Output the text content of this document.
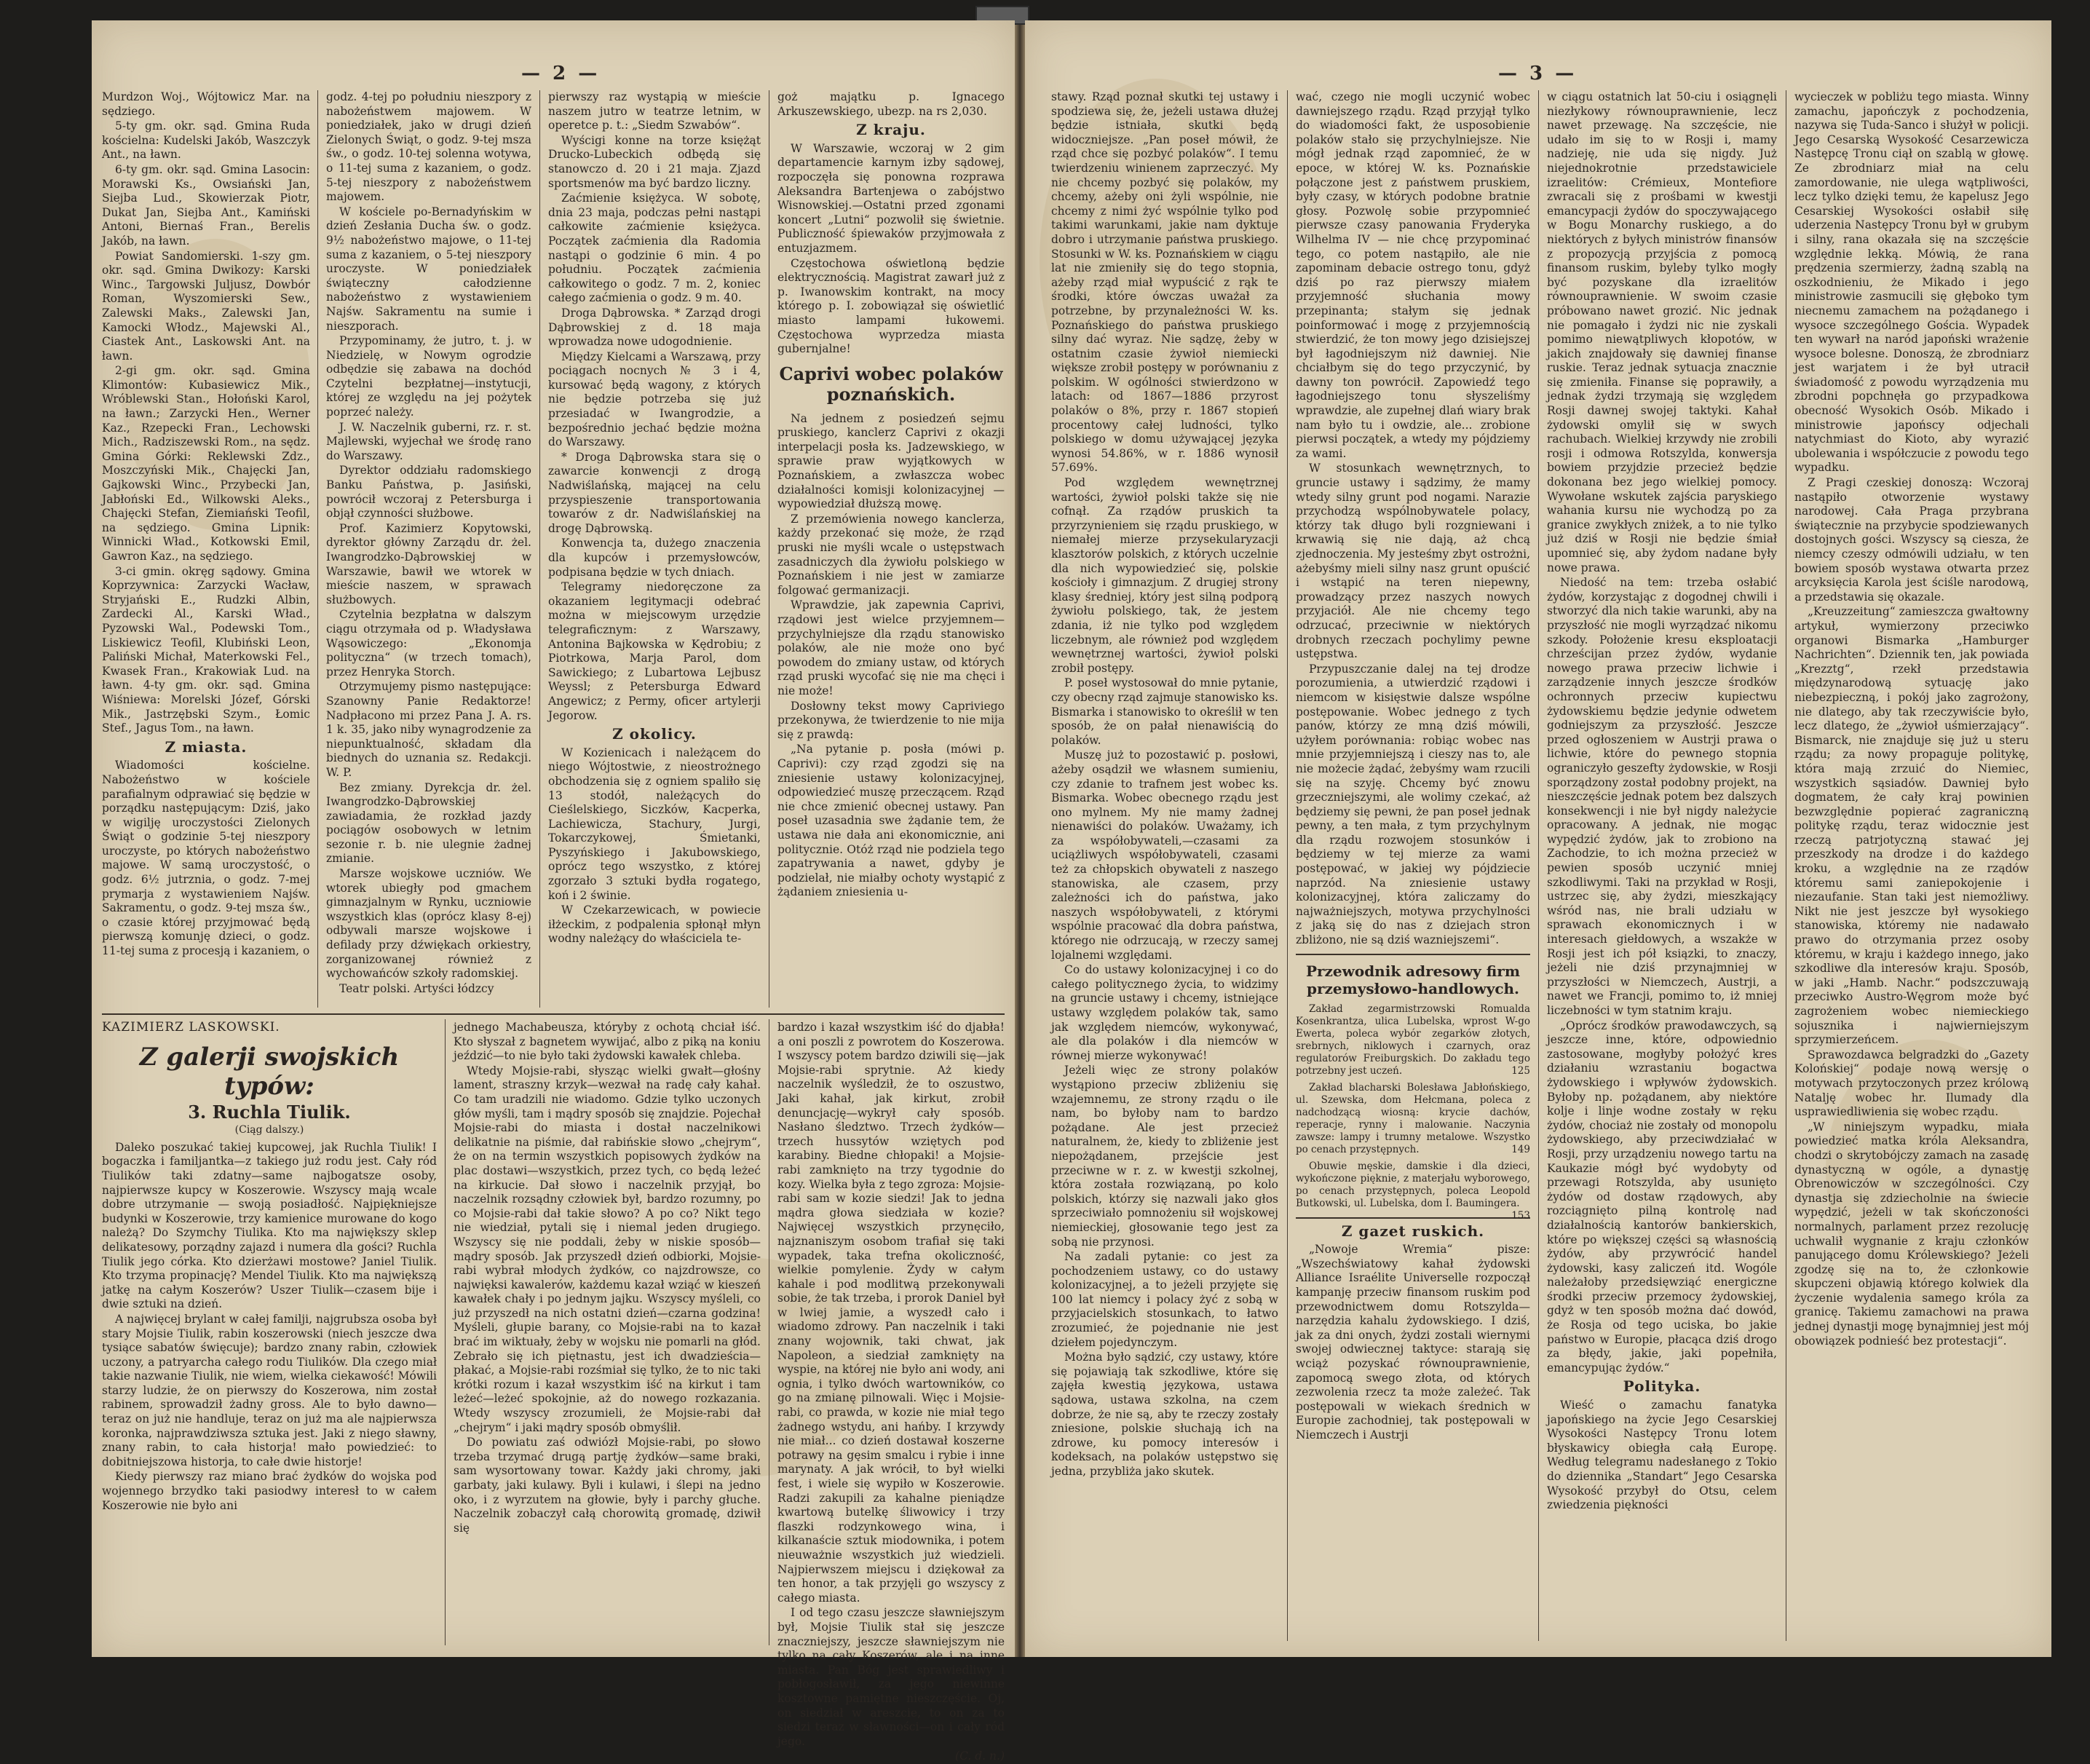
— 2 —

Murdzon Woj., Wójtowicz Mar. na sędziego.

5-ty gm. okr. sąd. Gmina Ruda kościelna: Kudelski Jakób, Waszczyk Ant., na ławn.

6-ty gm. okr. sąd. Gmina Lasocin: Morawski Ks., Owsiański Jan, Siejba Lud., Skowierzak Piotr, Dukat Jan, Siejba Ant., Kamiński Antoni, Biernaś Fran., Berelis Jakób, na ławn.

Powiat Sandomierski. 1-szy gm. okr. sąd. Gmina Dwikozy: Karski Winc., Targowski Juljusz, Dowbór Roman, Wyszomierski Sew., Zalewski Maks., Zalewski Jan, Kamocki Włodz., Majewski Al., Ciastek Ant., Laskowski Ant. na ławn.

2-gi gm. okr. sąd. Gmina Klimontów: Kubasiewicz Mik., Wróblewski Stan., Hołoński Karol, na ławn.; Zarzycki Hen., Werner Kaz., Rzepecki Fran., Lechowski Mich., Radziszewski Rom., na sędz. Gmina Górki: Reklewski Zdz., Moszczyński Mik., Chajęcki Jan, Gajkowski Winc., Przybecki Jan, Jabłoński Ed., Wilkowski Aleks., Chajęcki Stefan, Ziemiański Teofil, na sędziego. Gmina Lipnik: Winnicki Wład., Kotkowski Emil, Gawron Kaz., na sędziego.

3-ci gmin. okręg sądowy. Gmina Koprzywnica: Zarzycki Wacław, Stryjański E., Rudzki Albin, Zardecki Al., Karski Wład., Pyzowski Wal., Podewski Tom., Liskiewicz Teofil, Klubiński Leon, Paliński Michał, Materkowski Fel., Kwasek Fran., Krakowiak Lud. na ławn. 4-ty gm. okr. sąd. Gmina Wiśniewa: Morelski Józef, Górski Mik., Jastrzębski Szym., Łomic Stef., Jagus Tom., na ławn.

Z miasta.

Wiadomości kościelne. Nabożeństwo w kościele parafialnym odprawiać się będzie w porządku następującym: Dziś, jako w wigilję uroczystości Zielonych Świąt o godzinie 5-tej nieszpory uroczyste, po których nabożeństwo majowe. W samą uroczystość, o godz. 6½ jutrznia, o godz. 7-mej prymarja z wystawieniem Najśw. Sakramentu, o godz. 9-tej msza św., o czasie której przyjmować będą pierwszą komunję dzieci, o godz. 11-tej suma z procesją i kazaniem, o

godz. 4-tej po południu nieszpory z nabożeństwem majowem. W poniedziałek, jako w drugi dzień Zielonych Świąt, o godz. 9-tej msza św., o godz. 10-tej solenna wotywa, o 11-tej suma z kazaniem, o godz. 5-tej nieszpory z nabożeństwem majowem.

W kościele po-Bernadyńskim w dzień Zesłania Ducha św. o godz. 9½ nabożeństwo majowe, o 11-tej suma z kazaniem, o 5-tej nieszpory uroczyste. W poniedziałek świąteczny całodzienne nabożeństwo z wystawieniem Najśw. Sakramentu na sumie i nieszporach.

Przypominamy, że jutro, t. j. w Niedzielę, w Nowym ogrodzie odbędzie się zabawa na dochód Czytelni bezpłatnej—instytucji, której ze względu na jej pożytek poprzeć należy.

J. W. Naczelnik guberni, rz. r. st. Majlewski, wyjechał we środę rano do Warszawy.

Dyrektor oddziału radomskiego Banku Państwa, p. Jasiński, powrócił wczoraj z Petersburga i objął czynności służbowe.

Prof. Kazimierz Kopytowski, dyrektor główny Zarządu dr. żel. Iwangrodzko-Dąbrowskiej w Warszawie, bawił we wtorek w mieście naszem, w sprawach służbowych.

Czytelnia bezpłatna w dalszym ciągu otrzymała od p. Władysława Wąsowiczego: „Ekonomja polityczna“ (w trzech tomach), przez Henryka Storch.

Otrzymujemy pismo następujące: Szanowny Panie Redaktorze! Nadpłacono mi przez Pana J. A. rs. 1 k. 35, jako niby wynagrodzenie za niepunktualność, składam dla biednych do uznania sz. Redakcji. W. P.

Bez zmiany. Dyrekcja dr. żel. Iwangrodzko-Dąbrowskiej zawiadamia, że rozkład jazdy pociągów osobowych w letnim sezonie r. b. nie ulegnie żadnej zmianie.

Marsze wojskowe uczniów. We wtorek ubiegły pod gmachem gimnazjalnym w Rynku, uczniowie wszystkich klas (oprócz klasy 8-ej) odbywali marsze wojskowe i defilady przy dźwiękach orkiestry, zorganizowanej również z wychowańców szkoły radomskiej.

Teatr polski. Artyści łódzcy

pierwszy raz wystąpią w mieście naszem jutro w teatrze letnim, w operetce p. t.: „Siedm Szwabów“.

Wyścigi konne na torze księżąt Drucko-Lubeckich odbędą się stanowczo d. 20 i 21 maja. Zjazd sportsmenów ma być bardzo liczny.

Zaćmienie księżyca. W sobotę, dnia 23 maja, podczas pełni nastąpi całkowite zaćmienie księżyca. Początek zaćmienia dla Radomia nastąpi o godzinie 6 min. 4 po południu. Początek zaćmienia całkowitego o godz. 7 m. 2, koniec całego zaćmienia o godz. 9 m. 40.

Droga Dąbrowska. * Zarząd drogi Dąbrowskiej z d. 18 maja wprowadza nowe udogodnienie.

Między Kielcami a Warszawą, przy pociągach nocnych № 3 i 4, kursować będą wagony, z których nie będzie potrzeba się już przesiadać w Iwangrodzie, a bezpośrednio jechać będzie można do Warszawy.

* Droga Dąbrowska stara się o zawarcie konwencji z drogą Nadwiślańską, mającej na celu przyspieszenie transportowania towarów z dr. Nadwiślańskiej na drogę Dąbrowską.

Konwencja ta, dużego znaczenia dla kupców i przemysłowców, podpisana będzie w tych dniach.

Telegramy niedoręczone za okazaniem legitymacji odebrać można w miejscowym urzędzie telegraficznym: z Warszawy, Antonina Bajkowska w Kędrobiu; z Piotrkowa, Marja Parol, dom Sawickiego; z Lubartowa Lejbusz Weyssl; z Petersburga Edward Angewicz; z Permy, oficer artylerji Jegorow.

Z okolicy.

W Kozienicach i należącem do niego Wójtostwie, z nieostrożnego obchodzenia się z ogniem spaliło się 13 stodół, należących do Cieślelskiego, Siczków, Kacperka, Lachiewicza, Stachury, Jurgi, Tokarczykowej, Śmietanki, Pyszyńskiego i Jakubowskiego, oprócz tego wszystko, z której zgorzało 3 sztuki bydła rogatego, koń i 2 świnie.

W Czekarzewicach, w powiecie iłżeckim, z podpalenia spłonął młyn wodny należący do właściciela te-

goż majątku p. Ignacego Arkuszewskiego, ubezp. na rs 2,030.

Z kraju.

W Warszawie, wczoraj w 2 gim departamencie karnym izby sądowej, rozpoczęła się ponowna rozprawa Aleksandra Bartenjewa o zabójstwo Wisnowskiej.—Ostatni przed zgonami koncert „Lutni“ pozwolił się świetnie. Publiczność śpiewaków przyjmowała z entuzjazmem.

Częstochowa oświetloną będzie elektrycznością. Magistrat zawarł już z p. Iwanowskim kontrakt, na mocy którego p. I. zobowiązał się oświetlić miasto lampami łukowemi. Częstochowa wyprzedza miasta gubernjalne!

Caprivi wobec polaków poznańskich.

Na jednem z posiedzeń sejmu pruskiego, kanclerz Caprivi z okazji interpelacji posła ks. Jadzewskiego, w sprawie praw wyjątkowych w Poznańskiem, a zwłaszcza wobec działalności komisji kolonizacyjnej — wypowiedział dłuższą mowę.

Z przemówienia nowego kanclerza, każdy przekonać się może, że rząd pruski nie myśli wcale o ustępstwach zasadniczych dla żywiołu polskiego w Poznańskiem i nie jest w zamiarze folgować germanizacji.

Wprawdzie, jak zapewnia Caprivi, rządowi jest wielce przyjemnem—przychylniejsze dla rządu stanowisko polaków, ale nie może ono być powodem do zmiany ustaw, od których rząd pruski wycofać się nie ma chęci i nie może!

Dosłowny tekst mowy Capriviego przekonywa, że twierdzenie to nie mija się z prawdą:

„Na pytanie p. posła (mówi p. Caprivi): czy rząd zgodzi się na zniesienie ustawy kolonizacyjnej, odpowiedzieć muszę przeczącem. Rząd nie chce zmienić obecnej ustawy. Pan poseł uzasadnia swe żądanie tem, że ustawa nie dała ani ekonomicznie, ani politycznie. Otóż rząd nie podziela tego zapatrywania a nawet, gdyby je podzielał, nie miałby ochoty wystąpić z żądaniem zniesienia u-

KAZIMIERZ LASKOWSKI.

Z galerji swojskich typów:
3. Ruchla Tiulik.

(Ciąg dalszy.)

Daleko poszukać takiej kupcowej, jak Ruchla Tiulik! I bogaczka i familjantka—z takiego już rodu jest. Cały ród Tiulików taki zdatny—same najbogatsze osoby, najpierwsze kupcy w Koszerowie. Wszyscy mają wcale dobre utrzymanie — swoją posiadłość. Najpiękniejsze budynki w Koszerowie, trzy kamienice murowane do kogo należą? Do Szymchy Tiulika. Kto ma największy sklep delikatesowy, porządny zajazd i numera dla gości? Ruchla Tiulik jego córka. Kto dzierżawi mostowe? Janiel Tiulik. Kto trzyma propinację? Mendel Tiulik. Kto ma największą jatkę na całym Koszerów? Uszer Tiulik—czasem bije i dwie sztuki na dzień.

A najwięcej brylant w całej familji, najgrubsza osoba był stary Mojsie Tiulik, rabin koszerowski (niech jeszcze dwa tysiące sabatów święcuje); bardzo znany rabin, człowiek uczony, a patryarcha całego rodu Tiulików. Dla czego miał takie nazwanie Tiulik, nie wiem, wielka ciekawość! Mówili starzy ludzie, że on pierwszy do Koszerowa, nim został rabinem, sprowadził żadny gross. Ale to było dawno—teraz on już nie handluje, teraz on już ma ale najpierwsza koronka, najprawdziwsza sztuka jest. Jaki z niego sławny, znany rabin, to cała historja! mało powiedzieć: to dobitniejszowa historja, to całe dwie historje!

Kiedy pierwszy raz miano brać żydków do wojska pod wojennego brzydko taki pasiodwy interesł to w całem Koszerowie nie było ani

jednego Machabeusza, któryby z ochotą chciał iść. Kto słyszał z bagnetem wywijać, albo z piką na koniu jeździć—to nie było taki żydowski kawałek chleba.

Wtedy Mojsie-rabi, słysząc wielki gwałt—głośny lament, straszny krzyk—wezwał na radę cały kahał. Co tam uradzili nie wiadomo. Gdzie tylko uczonych głów myśli, tam i mądry sposób się znajdzie. Pojechał Mojsie-rabi do miasta i dostał naczelnikowi delikatnie na piśmie, dał rabińskie słowo „chejrym“, że on na termin wszystkich popisowych żydków na plac dostawi—wszystkich, przez tych, co będą leżeć na kirkucie. Dał słowo i naczelnik przyjął, bo naczelnik rozsądny człowiek był, bardzo rozumny, po co Mojsie-rabi dał takie słowo? A po co? Nikt tego nie wiedział, pytali się i niemal jeden drugiego. Wszyscy się nie poddali, żeby w niskie sposób—mądry sposób. Jak przyszedł dzień odbiorki, Mojsie-rabi wybrał młodych żydków, co najzdrowsze, co najwięksi kawalerów, każdemu kazał wziąć w kieszeń kawałek chały i po jednym jajku. Wszyscy myśleli, co już przyszedł na nich ostatni dzień—czarna godzina! Myśleli, głupie barany, co Mojsie-rabi na to kazał brać im wiktuały, żeby w wojsku nie pomarli na głód. Zebrało się ich piętnastu, jest ich dwadzieścia—płakać, a Mojsie-rabi rozśmiał się tylko, że to nic taki krótki rozum i kazał wszystkim iść na kirkut i tam leżeć—leżeć spokojnie, aż do nowego rozkazania. Wtedy wszyscy zrozumieli, że Mojsie-rabi dał „chejrym“ i jaki mądry sposób obmyślił.

Do powiatu zaś odwiózł Mojsie-rabi, po słowo trzeba trzymać drugą partję żydków—same braki, sam wysortowany towar. Każdy jaki chromy, jaki garbaty, jaki kulawy. Byli i kulawi, i ślepi na jedno oko, i z wyrzutem na głowie, były i parchy głuche. Naczelnik zobaczył całą chorowitą gromadę, dziwił się

bardzo i kazał wszystkim iść do djabła! a oni poszli z powrotem do Koszerowa. I wszyscy potem bardzo dziwili się—jak Mojsie-rabi sprytnie. Aż kiedy naczelnik wyśledził, że to oszustwo, Jaki kahał, jak kirkut, zrobił denuncjację—wykrył cały sposób. Nasłano śledztwo. Trzech żydków—trzech hussytów wziętych pod karabiny. Biedne chłopaki! a Mojsie-rabi zamknięto na trzy tygodnie do kozy. Wielka była z tego zgroza: Mojsie-rabi sam w kozie siedzi! Jak to jedna mądra głowa siedziała w kozie? Najwięcej wszystkich przynęciło, najznaniszym osobom trafiał się taki wypadek, taka trefna okoliczność, wielkie pomylenie. Żydy w całym kahale i pod modlitwą przekonywali sobie, że tak trzeba, i prorok Daniel był w lwiej jamie, a wyszedł cało i wiadomo zdrowy. Pan naczelnik i taki znany wojownik, taki chwat, jak Napoleon, a siedział zamknięty na wyspie, na której nie było ani wody, ani ognia, i tylko dwóch wartowników, co go na zmianę pilnowali. Więc i Mojsie-rabi, co prawda, w kozie nie miał tego żadnego wstydu, ani hańby. I krzywdy nie miał... co dzień dostawał koszerne potrawy na gęsim smalcu i rybie i inne marynaty. A jak wrócił, to był wielki fest, i wiele się wypiło w Koszerowie. Radzi zakupili za kahalne pieniądze kwartową butelkę śliwowicy i trzy flaszki rodzynkowego wina, i kilkanaście sztuk miodownika, i potem nieuważnie wszystkich już wiedzieli. Najpierwszem miejscu i dziękował za ten honor, a tak przyjęli go wszyscy z całego miasta.

I od tego czasu jeszcze sławniejszym był, Mojsie Tiulik stał się jeszcze znaczniejszy, jeszcze sławniejszym nie tylko na cały Koszerów, ale i na inne miasta. Pan Bóg jest sprawiedliwy i pobłogosławił, za jego niewinne kosztowne pamiętne nieszczęście. Oj, on siedział w areszcie, to on za to siedzi teraz w sławności—on i cały ród jego.

(C. d. n.)

— 3 —

stawy. Rząd poznał skutki tej ustawy i spodziewa się, że, jeżeli ustawa dłużej będzie istniała, skutki będą widoczniejsze. „Pan poseł mówił, że rząd chce się pozbyć polaków“. I temu twierdzeniu winienem zaprzeczyć. My nie chcemy pozbyć się polaków, my chcemy, ażeby oni żyli wspólnie, nie chcemy z nimi żyć wspólnie tylko pod takimi warunkami, jakie nam dyktuje dobro i utrzymanie państwa pruskiego. Stosunki w W. ks. Poznańskiem w ciągu lat nie zmieniły się do tego stopnia, ażeby rząd miał wypuścić z rąk te środki, które ówczas uważał za potrzebne, by przynależności W. ks. Poznańskiego do państwa pruskiego silny dać wyraz. Nie sądzę, żeby w ostatnim czasie żywioł niemiecki większe zrobił postępy w porównaniu z polskim. W ogólności stwierdzono w latach: od 1867—1886 przyrost polaków o 8%, przy r. 1867 stopień procentowy całej ludności, tylko polskiego w domu używającej języka wynosi 54.86%, w r. 1886 wynosił 57.69%.

Pod względem wewnętrznej wartości, żywioł polski także się nie cofnął. Za rządów pruskich ta przyrzynieniem się rządu pruskiego, w niemałej mierze przysekularyzacji klasztorów polskich, z których uczelnie dla nich wypowiedzieć się, polskie kościoły i gimnazjum. Z drugiej strony klasy średniej, który jest silną podporą żywiołu polskiego, tak, że jestem zdania, iż nie tylko pod względem liczebnym, ale również pod względem wewnętrznej wartości, żywioł polski zrobił postępy.

P. poseł wystosował do mnie pytanie, czy obecny rząd zajmuje stanowisko ks. Bismarka i stanowisko to określił w ten sposób, że on pałał nienawiścią do polaków.

Muszę już to pozostawić p. posłowi, ażeby osądził we własnem sumieniu, czy zdanie to trafnem jest wobec ks. Bismarka. Wobec obecnego rządu jest ono mylnem. My nie mamy żadnej nienawiści do polaków. Uważamy, ich za współobywateli,—czasami za uciążliwych współobywateli, czasami też za chłopskich obywateli z naszego stanowiska, ale czasem, przy zależności ich do państwa, jako naszych współobywateli, z którymi wspólnie pracować dla dobra państwa, którego nie odrzucają, w rzeczy samej lojalnemi względami.

Co do ustawy kolonizacyjnej i co do całego politycznego życia, to widzimy na gruncie ustawy i chcemy, istniejące ustawy względem polaków tak, samo jak względem niemców, wykonywać, ale dla polaków i dla niemców w równej mierze wykonywać!

Jeżeli więc ze strony polaków wystąpiono przeciw zbliżeniu się wzajemnemu, ze strony rządu o ile nam, bo byłoby nam to bardzo pożądane. Ale jest przecież naturalnem, że, kiedy to zbliżenie jest niepożądanem, przejście jest przeciwne w r. z. w kwestji szkolnej, która została rozwiązaną, po kolo polskich, którzy się nazwali jako głos sprzeciwiało pomnożeniu sił wojskowej niemieckiej, głosowanie tego jest za sobą nie przynosi.

Na zadali pytanie: co jest za pochodzeniem ustawy, co do ustawy kolonizacyjnej, a to jeżeli przyjęte się 100 lat niemcy i polacy żyć z sobą w przyjacielskich stosunkach, to łatwo zrozumieć, że pojednanie nie jest dziełem pojedynczym.

Można było sądzić, czy ustawy, które się pojawiają tak szkodliwe, które się zajęła kwestią językowa, ustawa sądowa, ustawa szkolna, na czem dobrze, że nie są, aby te rzeczy zostały zniesione, polskie słuchają ich na zdrowe, ku pomocy interesów i kodeksach, na polaków ustępstwo się jedna, przybliża jako skutek.

wać, czego nie mogli uczynić wobec dawniejszego rządu. Rząd przyjął tylko do wiadomości fakt, że usposobienie polaków stało się przychylniejsze. Nie mógł jednak rząd zapomnieć, że w epoce, w której W. ks. Poznańskie połączone jest z państwem pruskiem, były czasy, w których podobne bratnie głosy. Pozwolę sobie przypomnieć pierwsze czasy panowania Fryderyka Wilhelma IV — nie chcę przypominać tego, co potem nastąpiło, ale nie zapominam debacie ostrego tonu, gdyż dziś po raz pierwszy miałem przyjemność słuchania mowy przepinanta; stałym się jednak poinformować i mogę z przyjemnością stwierdzić, że ton mowy jego dzisiejszej był łagodniejszym niż dawniej. Nie chciałbym się do tego przyczynić, by dawny ton powrócił. Zapowiedź tego łagodniejszego tonu słyszeliśmy wprawdzie, ale zupełnej dlań wiary brak nam było tu i owdzie, ale... zrobione pierwsi początek, a wtedy my pójdziemy za wami.

W stosunkach wewnętrznych, to gruncie ustawy i sądzimy, że mamy wtedy silny grunt pod nogami. Narazie przychodzą wspólnobywatele polacy, którzy tak długo byli rozgniewani i krwawią się nie dają, aż chcą zjednoczenia. My jesteśmy zbyt ostrożni, ażebyśmy mieli silny nasz grunt opuścić i wstąpić na teren niepewny, prowadzący przez naszych nowych przyjaciół. Ale nie chcemy tego odrzucać, przeciwnie w niektórych drobnych rzeczach pochylimy pewne ustępstwa.

Przypuszczanie dalej na tej drodze porozumienia, a utwierdzić rządowi i niemcom w kisięstwie dalsze wspólne postępowanie. Wobec jednego z tych panów, którzy ze mną dziś mówili, użyłem porównania: robiąc wobec nas mnie przyjemniejszą i cieszy nas to, ale nie możecie żądać, żebyśmy wam rzucili się na szyję. Chcemy być znowu grzeczniejszymi, ale wolimy czekać, aż będziemy się pewni, że pan poseł jednak pewny, a ten mała, z tym przychylnym dla rządu rozwojem stosunków i będziemy w tej mierze za wami postępować, w jakiej wy pójdziecie naprzód. Na zniesienie ustawy kolonizacyjnej, która zaliczamy do najważniejszych, motywa przychylności z jaką się do nas z dziejach stron zbliżono, nie są dziś wazniejszemi“.

Przewodnik adresowy firm przemysłowo-handlowych.

Zakład zegarmistrzowski Romualda Kosenkrantza, ulica Lubelska, wprost W-go Ewerta, poleca wybór zegarków złotych, srebrnych, niklowych i czarnych, oraz regulatorów Freiburgskich. Do zakładu tego potrzebny jest uczeń.	125

Zakład blacharski Bolesława Jabłońskiego, ul. Szewska, dom Hełcmana, poleca z nadchodzącą wiosną: krycie dachów, reperacje, rynny i malowanie. Naczynia zawsze: lampy i trumny metalowe. Wszystko po cenach przystępnych.	149

Obuwie męskie, damskie i dla dzieci, wykończone pięknie, z materjału wyborowego, po cenach przystępnych, poleca Leopold Butkowski, ul. Lubelska, dom I. Baumingera.
153

Z gazet ruskich.

„Nowoje Wremia“ pisze: „Wszechświatowy kahał żydowski Alliance Israélite Universelle rozpoczął kampanję przeciw finansom ruskim pod przewodnictwem domu Rotszylda—narzędzia kahalu żydowskiego. I dziś, jak za dni onych, żydzi zostali wiernymi swojej odwiecznej taktyce: starają się wciąż pozyskać równouprawnienie, zapomocą swego złota, od których zezwolenia rzecz ta może zależeć. Tak postępowali w wiekach średnich w Europie zachodniej, tak postępowali w Niemczech i Austrji

w ciągu ostatnich lat 50-ciu i osiągnęli niezłykowy równouprawnienie, lecz nawet przewagę. Na szczęście, nie udało im się to w Rosji i, mamy nadzieję, nie uda się nigdy. Już niejednokrotnie przedstawiciele izraelitów: Crémieux, Montefiore zwracali się z prośbami w kwestji emancypacji żydów do spoczywającego w Bogu Monarchy ruskiego, a do niektórych z byłych ministrów finansów z propozycją przyjścia z pomocą finansom ruskim, byleby tylko mogły być pozyskane dla izraelitów równouprawnienie. W swoim czasie próbowano nawet grozić. Nic jednak nie pomagało i żydzi nic nie zyskali pomimo niewątpliwych kłopotów, w jakich znajdowały się dawniej finanse ruskie. Teraz jednak sytuacja znacznie się zmieniła. Finanse się poprawiły, a jednak żydzi trzymają się względem Rosji dawnej swojej taktyki. Kahał żydowski omylił się w swych rachubach. Wielkiej krzywdy nie zrobili rosji i odmowa Rotszylda, konwersja bowiem przyjdzie przecież będzie dokonana bez jego wielkiej pomocy. Wywołane wskutek zajścia paryskiego wahania kursu nie wychodzą po za granice zwykłych zniżek, a to nie tylko już dziś w Rosji nie będzie śmiał upomnieć się, aby żydom nadane były nowe prawa.

Niedość na tem: trzeba osłabić żydów, korzystając z dogodnej chwili i stworzyć dla nich takie warunki, aby na przyszłość nie mogli wyrządzać nikomu szkody. Położenie kresu eksploatacji chrześcijan przez żydów, wydanie nowego prawa przeciw lichwie i zarządzenie innych jeszcze środków ochronnych przeciw kupiectwu żydowskiemu będzie jedynie odwetem godniejszym za przyszłość. Jeszcze przed ogłoszeniem w Austrji prawa o lichwie, które do pewnego stopnia ograniczyło geszefty żydowskie, w Rosji sporządzony został podobny projekt, na nieszczęście jednak potem bez dalszych konsekwencji i nie był nigdy należycie opracowany. A jednak, nie mogąc wypędzić żydów, jak to zrobiono na Zachodzie, to ich można przecież w pewien sposób uczynić mniej szkodliwymi. Taki na przykład w Rosji, ustrzec się, aby żydzi, mieszkający wśród nas, nie brali udziału w sprawach ekonomicznych i w interesach giełdowych, a wszakże w Rosji jest ich pół ksiązki, to znaczy, jeżeli nie dziś przynajmniej w przyszłości w Niemczech, Austrji, a nawet we Francji, pomimo to, iż mniej liczebności w tym statnim kraju.

„Oprócz środków prawodawczych, są jeszcze inne, które, odpowiednio zastosowane, mogłyby położyć kres działaniu wzrastaniu bogactwa żydowskiego i wpływów żydowskich. Byłoby np. pożądanem, aby niektóre kolje i linje wodne zostały w ręku żydów, chociaż nie zostały od monopolu żydowskiego, aby przeciwdziałać w Rosji, przy urządzeniu nowego tartu na Kaukazie mógł być wydobyty od przewagi Rotszylda, aby usunięto żydów od dostaw rządowych, aby rozciągnięto pilną kontrolę nad działalnością kantorów bankierskich, które po większej części są własnością żydów, aby przywrócić handel żydowski, kasy zaliczeń itd. Wogóle należałoby przedsięwziąć energiczne środki przeciw przemocy żydowskiej, gdyż w ten sposób można dać dowód, że Rosja od tego uciska, bo jakie państwo w Europie, płacąca dziś drogo za błędy, jakie, jaki popełniła, emancypując żydów.“

Polityka.

Wieść o zamachu fanatyka japońskiego na życie Jego Cesarskiej Wysokości Następcy Tronu lotem błyskawicy obiegła całą Europę. Według telegramu nadesłanego z Tokio do dziennika „Standart“ Jego Cesarska Wysokość przybył do Otsu, celem zwiedzenia piękności

wycieczek w pobliżu tego miasta. Winny zamachu, japończyk z pochodzenia, nazywa się Tuda-Sanco i służył w policji. Jego Cesarską Wysokość Cesarzewicza Następcę Tronu ciął on szablą w głowę. Ze zbrodniarz miał na celu zamordowanie, nie ulega wątpliwości, lecz tylko dzięki temu, że kapelusz Jego Cesarskiej Wysokości osłabił siłę uderzenia Następcy Tronu był w grubym i silny, rana okazała się na szczęście względnie lekką. Mówią, że rana prędzenia szermierzy, żadną szablą na oszkodnieniu, że Mikado i jego ministrowie zasmucili się głęboko tym niecnemu zamachem na pożądanego i wysoce szczególnego Gościa. Wypadek ten wywarł na naród japoński wrażenie wysoce bolesne. Donoszą, że zbrodniarz jest warjatem i że był utracił świadomość z powodu wyrządzenia mu zbrodni popchnęła go przypadkowa obecność Wysokich Osób. Mikado i ministrowie japońscy odjechali natychmiast do Kioto, aby wyrazić ubolewania i współczucie z powodu tego wypadku.

Z Pragi czeskiej donoszą: Wczoraj nastąpiło otworzenie wystawy narodowej. Cała Praga przybrana świątecznie na przybycie spodziewanych dostojnych gości. Wszyscy są ciesza, że niemcy czeszy odmówili udziału, w ten bowiem sposób wystawa otwarta przez arcyksięcia Karola jest ściśle narodową, a przedstawia się okazale.

„Kreuzzeitung“ zamieszcza gwałtowny artykuł, wymierzony przeciwko organowi Bismarka „Hamburger Nachrichten“. Dziennik ten, jak powiada „Krezztg“, rzekł przedstawia międzynarodową sytuację jako niebezpieczną, i pokój jako zagrożony, nie dlatego, aby tak rzeczywiście było, lecz dlatego, że „żywioł uśmierzający“. Bismarck, nie znajduje się już u steru rządu; za nowy propaguje politykę, która mają zrzuić do Niemiec, wszystkich sąsiadów. Dawniej było dogmatem, że cały kraj powinien bezwzględnie popierać zagraniczną politykę rządu, teraz widocznie jest rzeczą patrjotyczną stawać jej przeszkody na drodze i do każdego kroku, a względnie na ze rządów któremu sami zaniepokojenie i niezaufanie. Stan taki jest niemożliwy. Nikt nie jest jeszcze był wysokiego stanowiska, któremy nie nadawało prawo do otrzymania przez osoby któremu, w kraju i każdego innego, jako szkodliwe dla interesów kraju. Sposób, w jaki „Hamb. Nachr.“ podszczuwają przeciwko Austro-Węgrom może być zagrożeniem wobec niemieckiego sojusznika i najwierniejszym sprzymierzeńcem.

Sprawozdawca belgradzki do „Gazety Kolońskiej“ podaje nową wersję o motywach przytoczonych przez królową Natalję wobec hr. Ilumady dla usprawiedliwienia się wobec rządu.

„W niniejszym wypadku, miała powiedzieć matka króla Aleksandra, chodzi o skrytobójczy zamach na zasadę dynastyczną w ogóle, a dynastję Obrenowiczów w szczególności. Czy dynastja się zdziecholnie na świecie wypędzić, jeżeli w tak skończoności normalnych, parlament przez rezolucję uchwalił wygnanie z kraju członków panującego domu Królewskiego? Jeżeli zgodzę się na to, że członkowie skupczeni objawią którego kolwiek dla życzenie wydalenia samego króla za granicę. Takiemu zamachowi na prawa jednej dynastji mogę bynajmniej jest mój obowiązek podnieść bez protestacji“.
